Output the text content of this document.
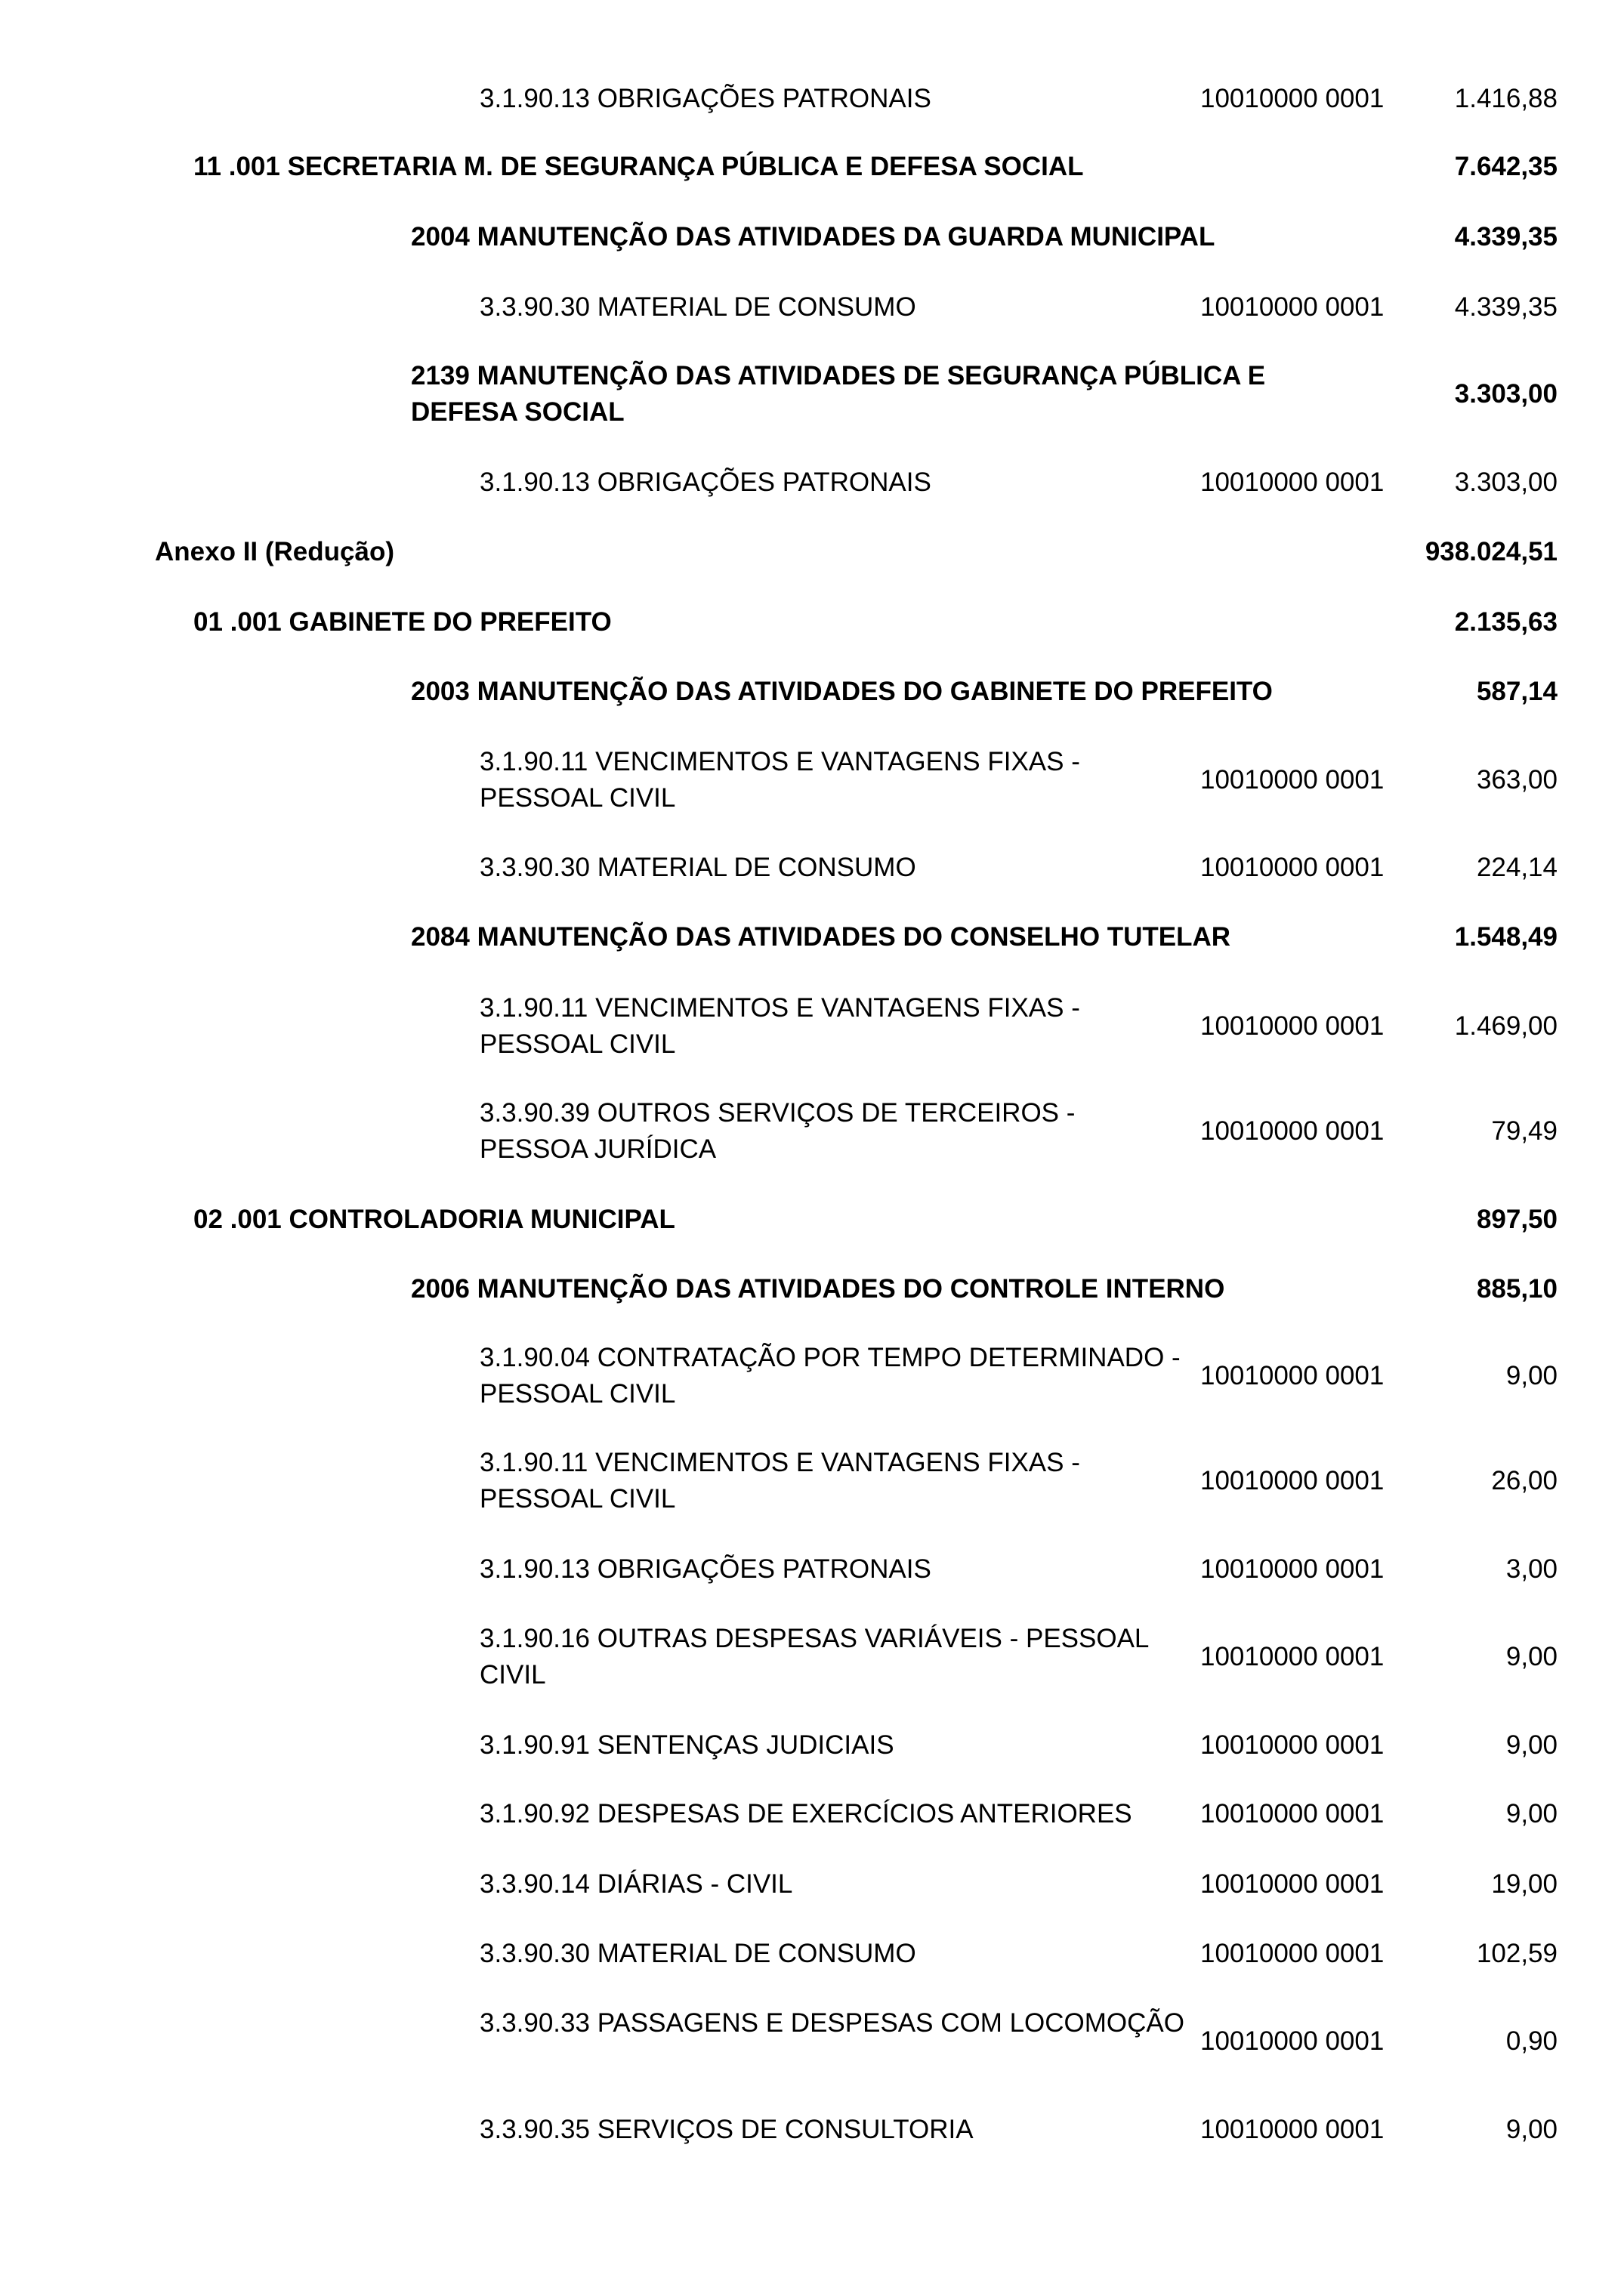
3.1.90.13 OBRIGAÇÕES PATRONAIS	10010000 0001	1.416,88
11 .001 SECRETARIA M. DE SEGURANÇA PÚBLICA E DEFESA SOCIAL	7.642,35
2004 MANUTENÇÃO DAS ATIVIDADES DA GUARDA MUNICIPAL	4.339,35
3.3.90.30 MATERIAL DE CONSUMO	10010000 0001	4.339,35
2139 MANUTENÇÃO DAS ATIVIDADES DE SEGURANÇA PÚBLICA E DEFESA SOCIAL
3.303,00
3.1.90.13 OBRIGAÇÕES PATRONAIS	10010000 0001	3.303,00
Anexo II (Redução)	938.024,51
01 .001 GABINETE DO PREFEITO	2.135,63
2003 MANUTENÇÃO DAS ATIVIDADES DO GABINETE DO PREFEITO	587,14
3.1.90.11 VENCIMENTOS E VANTAGENS FIXAS - PESSOAL CIVIL
10010000 0001	363,00
3.3.90.30 MATERIAL DE CONSUMO	10010000 0001	224,14
2084 MANUTENÇÃO DAS ATIVIDADES DO CONSELHO TUTELAR	1.548,49
3.1.90.11 VENCIMENTOS E VANTAGENS FIXAS - PESSOAL CIVIL
10010000 0001	1.469,00
3.3.90.39 OUTROS SERVIÇOS DE TERCEIROS - PESSOA JURÍDICA
10010000 0001	79,49
02 .001 CONTROLADORIA MUNICIPAL	897,50
2006 MANUTENÇÃO DAS ATIVIDADES DO CONTROLE INTERNO	885,10
3.1.90.04 CONTRATAÇÃO POR TEMPO DETERMINADO - PESSOAL CIVIL
10010000 0001	9,00
3.1.90.11 VENCIMENTOS E VANTAGENS FIXAS - PESSOAL CIVIL
10010000 0001	26,00
3.1.90.13 OBRIGAÇÕES PATRONAIS	10010000 0001	3,00
3.1.90.16 OUTRAS DESPESAS VARIÁVEIS - PESSOAL CIVIL
10010000 0001	9,00
3.1.90.91 SENTENÇAS JUDICIAIS	10010000 0001	9,00
3.1.90.92 DESPESAS DE EXERCÍCIOS ANTERIORES	10010000 0001	9,00
3.3.90.14 DIÁRIAS - CIVIL	10010000 0001	19,00
3.3.90.30 MATERIAL DE CONSUMO	10010000 0001	102,59
3.3.90.33 PASSAGENS E DESPESAS COM LOCOMOÇÃO
10010000 0001	0,90
3.3.90.35 SERVIÇOS DE CONSULTORIA	10010000 0001	9,00
